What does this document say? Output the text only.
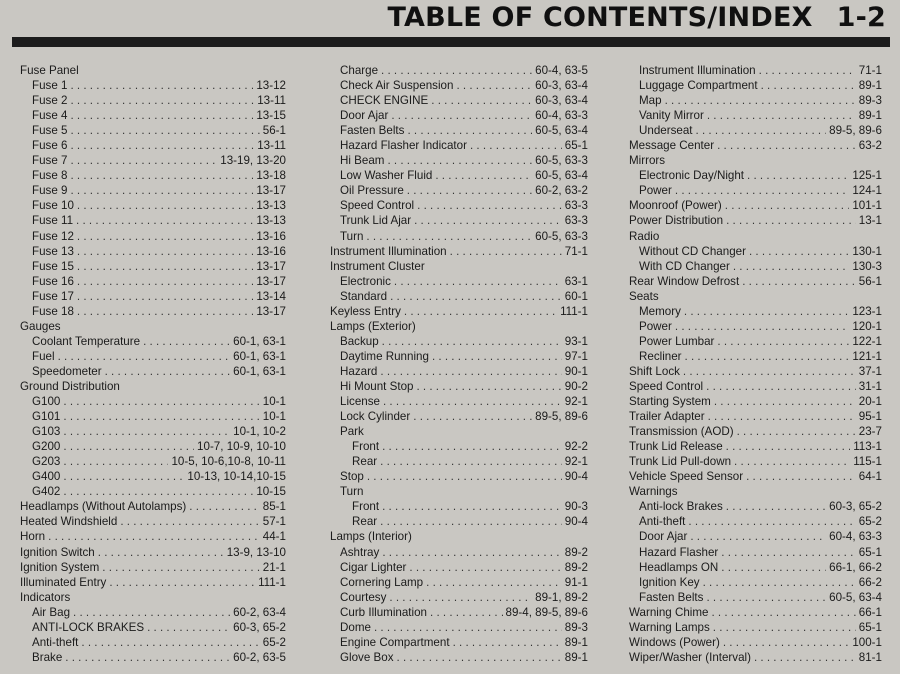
TABLE OF CONTENTS/INDEX 1-2
Fuse Panel
Fuse 1 . . .	13-12
Fuse 2 . . .	13-11
Fuse 4 . . .	13-15
Fuse 5 . . .	56-1
Fuse 6 . . .	13-11
Fuse 7 . . .	13-19, 13-20
Fuse 8 . . .	13-18
Fuse 9 . . .	13-17
Fuse 10 . . .	13-13
Fuse 11 . . .	13-13
Fuse 12 . . .	13-16
Fuse 13 . . .	13-16
Fuse 15 . . .	13-17
Fuse 16 . . .	13-17
Fuse 17 . . .	13-14
Fuse 18 . . .	13-17
Gauges
Coolant Temperature . . .	60-1, 63-1
Fuel . . .	60-1, 63-1
Speedometer . . .	60-1, 63-1
Ground Distribution
G100 . . .	10-1
G101 . . .	10-1
G103 . . .	10-1, 10-2
G200 . . .	10-7, 10-9, 10-10
G203 . . .	10-5, 10-6,10-8, 10-11
G400 . . .	10-13, 10-14,10-15
G402 . . .	10-15
Headlamps (Without Autolamps) . . .	85-1
Heated Windshield . . .	57-1
Horn . . .	44-1
Ignition Switch . . .	13-9, 13-10
Ignition System . . .	21-1
Illuminated Entry . . .	111-1
Indicators
Air Bag . . .	60-2, 63-4
ANTI-LOCK BRAKES . . .	60-3, 65-2
Anti-theft . . .	65-2
Brake . . .	60-2, 63-5
Charge . . .	60-4, 63-5
Check Air Suspension . . .	60-3, 63-4
CHECK ENGINE . . .	60-3, 63-4
Door Ajar . . .	60-4, 63-3
Fasten Belts . . .	60-5, 63-4
Hazard Flasher Indicator . . .	65-1
Hi Beam . . .	60-5, 63-3
Low Washer Fluid . . .	60-5, 63-4
Oil Pressure . . .	60-2, 63-2
Speed Control . . .	63-3
Trunk Lid Ajar . . .	63-3
Turn . . .	60-5, 63-3
Instrument Illumination . . .	71-1
Instrument Cluster
Electronic . . .	63-1
Standard . . .	60-1
Keyless Entry . . .	111-1
Lamps (Exterior)
Backup . . .	93-1
Daytime Running . . .	97-1
Hazard . . .	90-1
Hi Mount Stop . . .	90-2
License . . .	92-1
Lock Cylinder . . .	89-5, 89-6
Park
Front . . .	92-2
Rear . . .	92-1
Stop . . .	90-4
Turn
Front . . .	90-3
Rear . . .	90-4
Lamps (Interior)
Ashtray . . .	89-2
Cigar Lighter . . .	89-2
Cornering Lamp . . .	91-1
Courtesy . . .	89-1, 89-2
Curb Illumination . . .	89-4, 89-5, 89-6
Dome . . .	89-3
Engine Compartment . . .	89-1
Glove Box . . .	89-1
Instrument Illumination . . .	71-1
Luggage Compartment . . .	89-1
Map . . .	89-3
Vanity Mirror . . .	89-1
Underseat . . .	89-5, 89-6
Message Center . . .	63-2
Mirrors
Electronic Day/Night . . .	125-1
Power . . .	124-1
Moonroof (Power) . . .	101-1
Power Distribution . . .	13-1
Radio
Without CD Changer . . .	130-1
With CD Changer . . .	130-3
Rear Window Defrost . . .	56-1
Seats
Memory . . .	123-1
Power . . .	120-1
Power Lumbar . . .	122-1
Recliner . . .	121-1
Shift Lock . . .	37-1
Speed Control . . .	31-1
Starting System . . .	20-1
Trailer Adapter . . .	95-1
Transmission (AOD) . . .	23-7
Trunk Lid Release . . .	113-1
Trunk Lid Pull-down . . .	115-1
Vehicle Speed Sensor . . .	64-1
Warnings
Anti-lock Brakes . . .	60-3, 65-2
Anti-theft . . .	65-2
Door Ajar . . .	60-4, 63-3
Hazard Flasher . . .	65-1
Headlamps ON . . .	66-1, 66-2
Ignition Key . . .	66-2
Fasten Belts . . .	60-5, 63-4
Warning Chime . . .	66-1
Warning Lamps . . .	65-1
Windows (Power) . . .	100-1
Wiper/Washer (Interval) . . .	81-1
